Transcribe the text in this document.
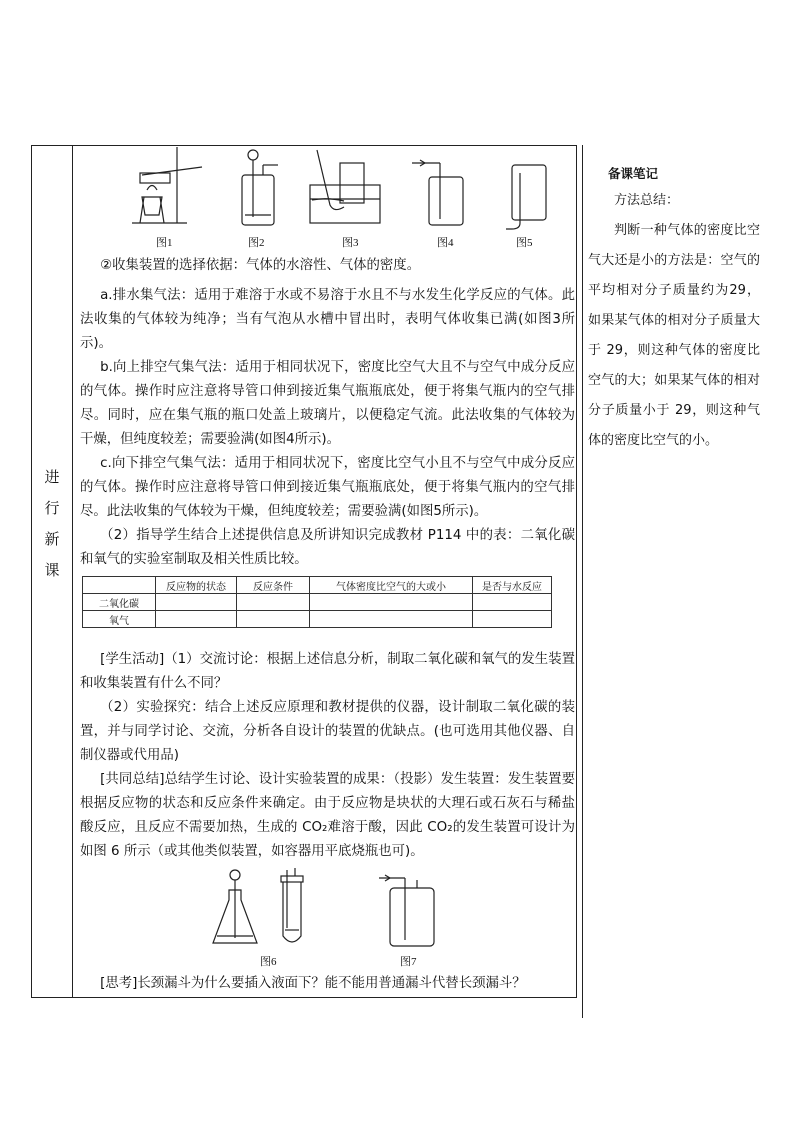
进
行
新
课
图1	图2	图3	图4	图5

②收集装置的选择依据：气体的水溶性、气体的密度。

a.排水集气法：适用于难溶于水或不易溶于水且不与水发生化学反应的气体。此法收集的气体较为纯净；当有气泡从水槽中冒出时，表明气体收集已满(如图3所示)。

b.向上排空气集气法：适用于相同状况下，密度比空气大且不与空气中成分反应的气体。操作时应注意将导管口伸到接近集气瓶瓶底处，便于将集气瓶内的空气排尽。同时，应在集气瓶的瓶口处盖上玻璃片，以便稳定气流。此法收集的气体较为干燥，但纯度较差；需要验满(如图4所示)。

c.向下排空气集气法：适用于相同状况下，密度比空气小且不与空气中成分反应的气体。操作时应注意将导管口伸到接近集气瓶瓶底处，便于将集气瓶内的空气排尽。此法收集的气体较为干燥，但纯度较差；需要验满(如图5所示)。

（2）指导学生结合上述提供信息及所讲知识完成教材 P114 中的表：二氧化碳和氧气的实验室制取及相关性质比较。

	反应物的状态	反应条件	气体密度比空气的大或小	是否与水反应
二氧化碳				
氧气				

[学生活动]（1）交流讨论：根据上述信息分析，制取二氧化碳和氧气的发生装置和收集装置有什么不同？

（2）实验探究：结合上述反应原理和教材提供的仪器，设计制取二氧化碳的装置，并与同学讨论、交流，分析各自设计的装置的优缺点。(也可选用其他仪器、自制仪器或代用品)

[共同总结]总结学生讨论、设计实验装置的成果：（投影）发生装置：发生装置要根据反应物的状态和反应条件来确定。由于反应物是块状的大理石或石灰石与稀盐酸反应，且反应不需要加热，生成的 CO₂难溶于酸，因此 CO₂的发生装置可设计为如图 6 所示（或其他类似装置，如容器用平底烧瓶也可)。

图6	图7

[思考]长颈漏斗为什么要插入液面下？能不能用普通漏斗代替长颈漏斗？

备课笔记
方法总结：

判断一种气体的密度比空气大还是小的方法是：空气的平均相对分子质量约为29，如果某气体的相对分子质量大于 29，则这种气体的密度比空气的大；如果某气体的相对分子质量小于 29，则这种气体的密度比空气的小。
